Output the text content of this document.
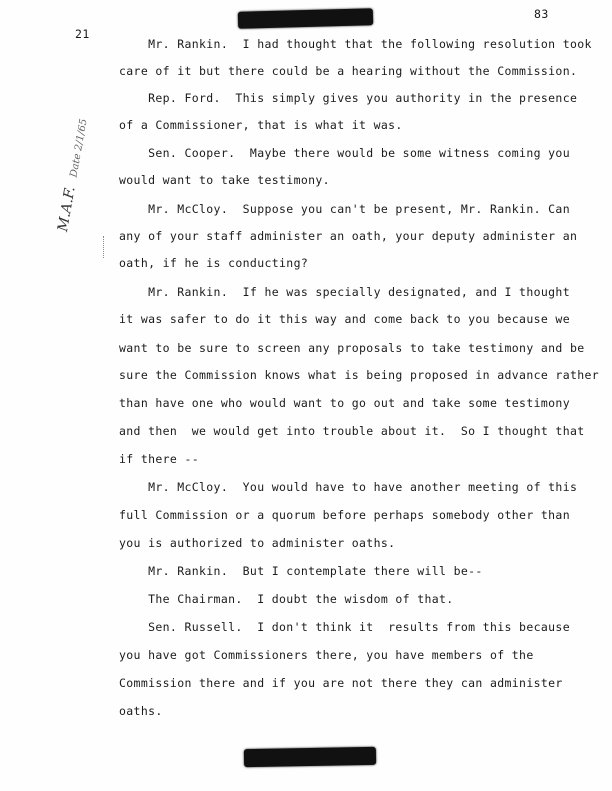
21
83
M.A.F. Date 2/1/65
Mr. Rankin.  I had thought that the following resolution took
care of it but there could be a hearing without the Commission.
Rep. Ford.  This simply gives you authority in the presence
of a Commissioner, that is what it was.
Sen. Cooper.  Maybe there would be some witness coming you
would want to take testimony.
Mr. McCloy.  Suppose you can't be present, Mr. Rankin. Can
any of your staff administer an oath, your deputy administer an
oath, if he is conducting?
Mr. Rankin.  If he was specially designated, and I thought
it was safer to do it this way and come back to you because we
want to be sure to screen any proposals to take testimony and be
sure the Commission knows what is being proposed in advance rather
than have one who would want to go out and take some testimony
and then  we would get into trouble about it.  So I thought that
if there --
Mr. McCloy.  You would have to have another meeting of this
full Commission or a quorum before perhaps somebody other than
you is authorized to administer oaths.
Mr. Rankin.  But I contemplate there will be--
The Chairman.  I doubt the wisdom of that.
Sen. Russell.  I don't think it  results from this because
you have got Commissioners there, you have members of the
Commission there and if you are not there they can administer
oaths.
